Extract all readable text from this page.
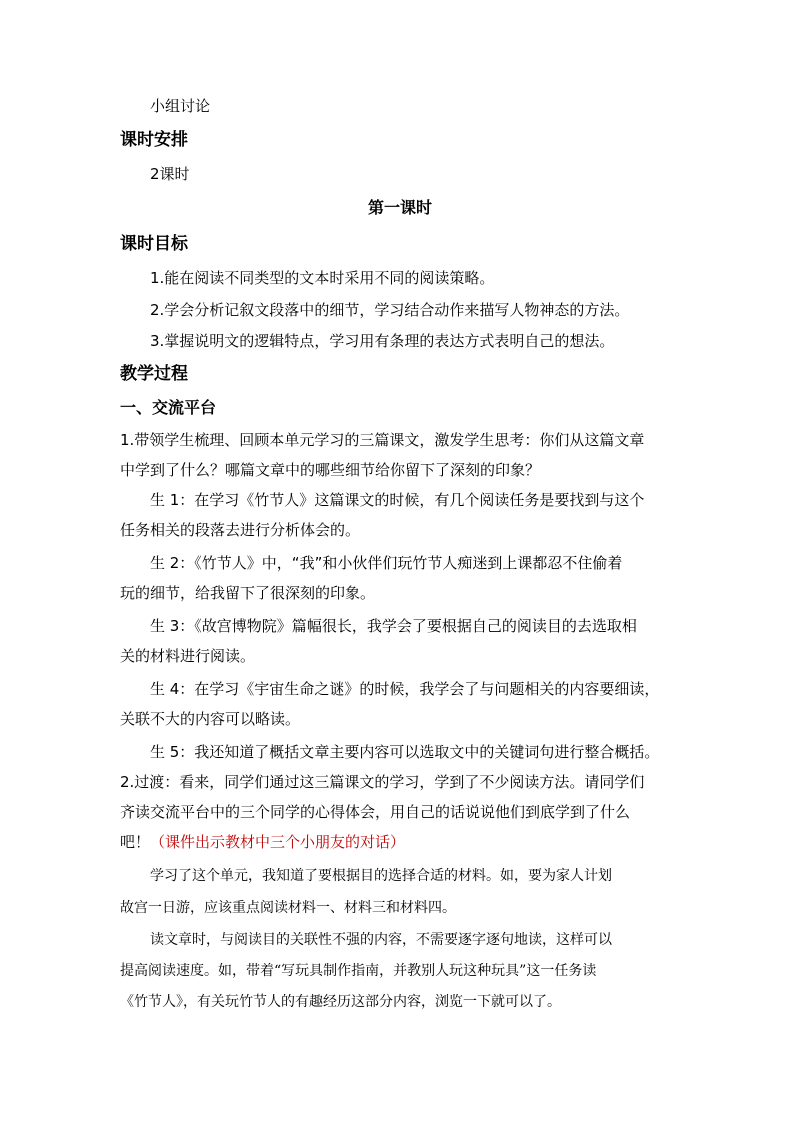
小组讨论
课时安排
2课时
第一课时
课时目标
1.能在阅读不同类型的文本时采用不同的阅读策略。
2.学会分析记叙文段落中的细节，学习结合动作来描写人物神态的方法。
3.掌握说明文的逻辑特点，学习用有条理的表达方式表明自己的想法。
教学过程
一、交流平台
1.带领学生梳理、回顾本单元学习的三篇课文，激发学生思考：你们从这篇文章
中学到了什么？哪篇文章中的哪些细节给你留下了深刻的印象？
生 1：在学习《竹节人》这篇课文的时候，有几个阅读任务是要找到与这个
任务相关的段落去进行分析体会的。
生 2：《竹节人》中，“我”和小伙伴们玩竹节人痴迷到上课都忍不住偷着
玩的细节，给我留下了很深刻的印象。
生 3：《故宫博物院》篇幅很长，我学会了要根据自己的阅读目的去选取相
关的材料进行阅读。
生 4：在学习《宇宙生命之谜》的时候，我学会了与问题相关的内容要细读，
关联不大的内容可以略读。
生 5：我还知道了概括文章主要内容可以选取文中的关键词句进行整合概括。
2.过渡：看来，同学们通过这三篇课文的学习，学到了不少阅读方法。请同学们
齐读交流平台中的三个同学的心得体会，用自己的话说说他们到底学到了什么
吧！（课件出示教材中三个小朋友的对话）
学习了这个单元，我知道了要根据目的选择合适的材料。如，要为家人计划
故宫一日游，应该重点阅读材料一、材料三和材料四。
读文章时，与阅读目的关联性不强的内容，不需要逐字逐句地读，这样可以
提高阅读速度。如，带着“写玩具制作指南，并教别人玩这种玩具”这一任务读
《竹节人》，有关玩竹节人的有趣经历这部分内容，浏览一下就可以了。
